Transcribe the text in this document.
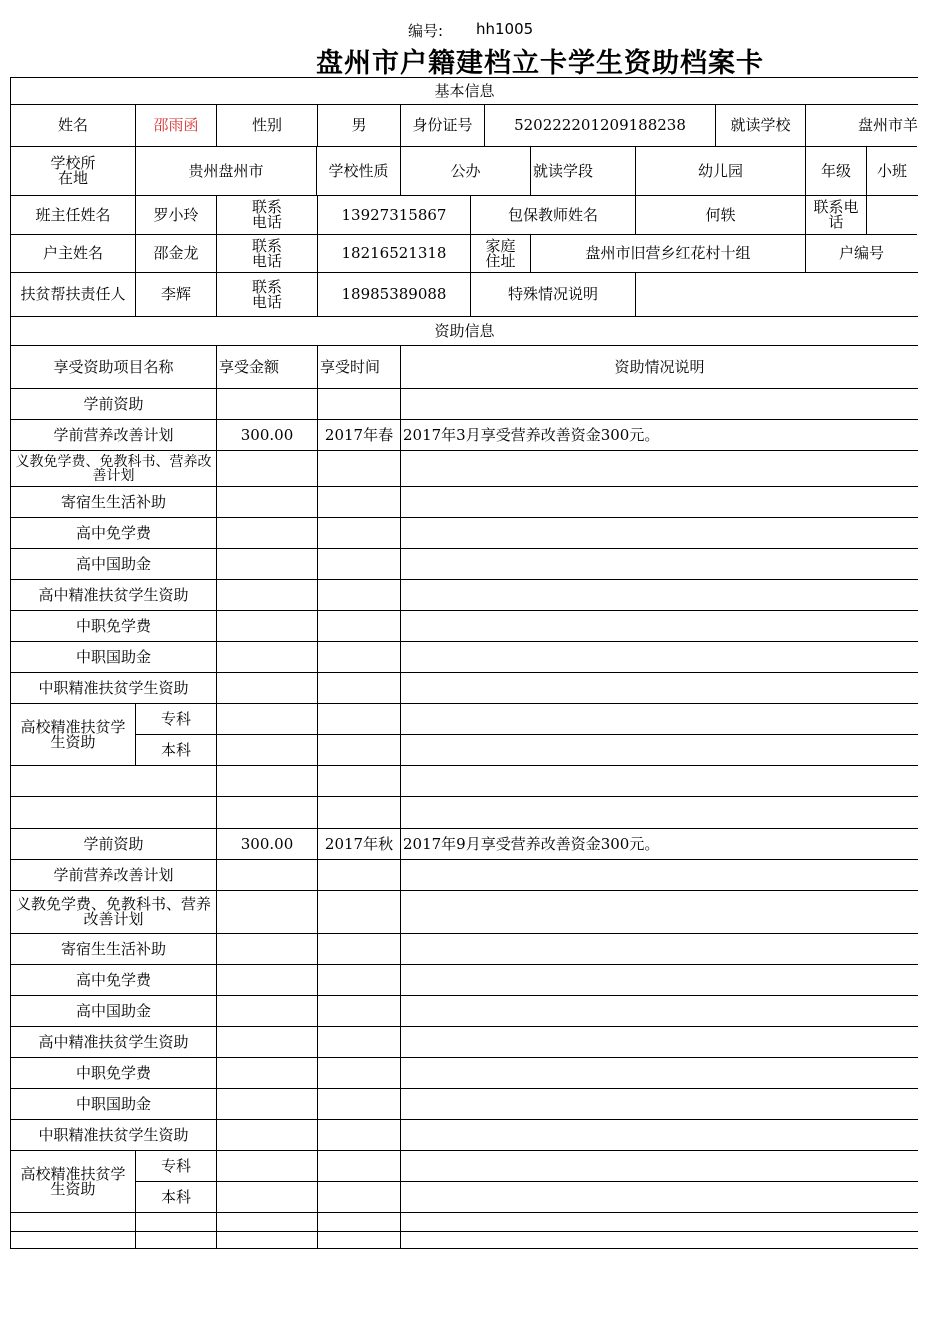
编号: hh1005
盘州市户籍建档立卡学生资助档案卡
基本信息
姓名	邵雨函	性别	男	身份证号	520222201209188238	就读学校	盘州市羊
学校所在地	贵州盘州市	学校性质	公办	就读学段	幼儿园	年级	小班
班主任姓名	罗小玲	联系电话	13927315867	包保教师姓名	何轶	联系电话
户主姓名	邵金龙	联系电话	18216521318	家庭住址	盘州市旧营乡红花村十组	户编号
扶贫帮扶责任人	李辉	联系电话	18985389088	特殊情况说明
资助信息
享受资助项目名称	享受金额	享受时间	资助情况说明
学前资助
学前营养改善计划	300.00	2017年春 2017年3月享受营养改善资金300元。
义教免学费、免教科书、营养改善计划
寄宿生生活补助
高中免学费
高中国助金
高中精准扶贫学生资助
中职免学费
中职国助金
中职精准扶贫学生资助
高校精准扶贫学生资助
专科
本科
学前资助	300.00	2017年秋 2017年9月享受营养改善资金300元。
学前营养改善计划
义教免学费、免教科书、营养改善计划
寄宿生生活补助
高中免学费
高中国助金
高中精准扶贫学生资助
中职免学费
中职国助金
中职精准扶贫学生资助
高校精准扶贫学生资助
专科
本科
